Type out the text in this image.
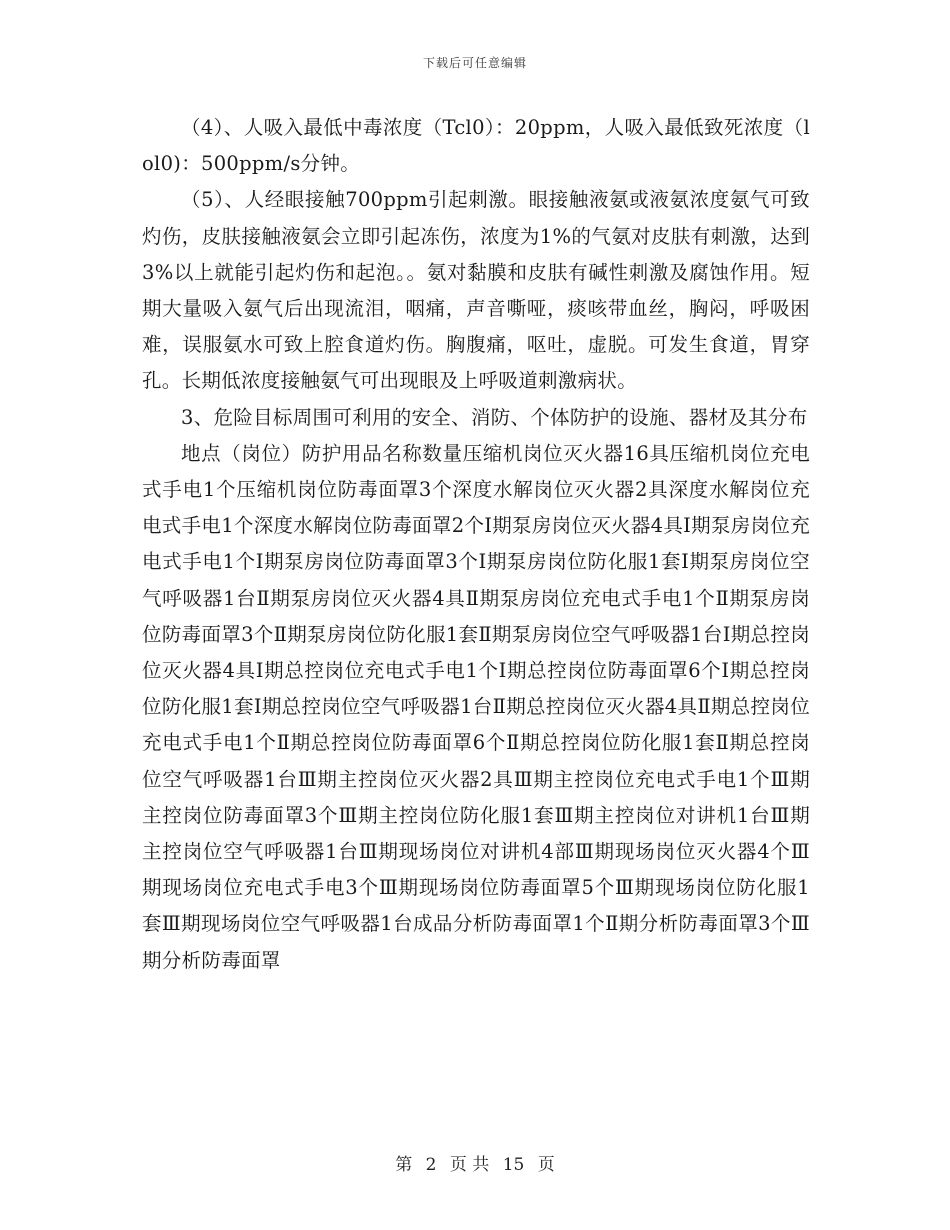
下载后可任意编辑

（4）、人吸入最低中毒浓度（Tcl0）：20ppm，人吸入最低致死浓度（lol0)：500ppm/s分钟。

（5）、人经眼接触700ppm引起刺激。眼接触液氨或液氨浓度氨气可致灼伤，皮肤接触液氨会立即引起冻伤，浓度为1%的气氨对皮肤有刺激，达到3%以上就能引起灼伤和起泡。。氨对黏膜和皮肤有碱性刺激及腐蚀作用。短期大量吸入氨气后出现流泪，咽痛，声音嘶哑，痰咳带血丝，胸闷，呼吸困难，误服氨水可致上腔食道灼伤。胸腹痛，呕吐，虚脱。可发生食道，胃穿孔。长期低浓度接触氨气可出现眼及上呼吸道刺激病状。

3、危险目标周围可利用的安全、消防、个体防护的设施、器材及其分布

地点（岗位）防护用品名称数量压缩机岗位灭火器16具压缩机岗位充电式手电1个压缩机岗位防毒面罩3个深度水解岗位灭火器2具深度水解岗位充电式手电1个深度水解岗位防毒面罩2个Ⅰ期泵房岗位灭火器4具Ⅰ期泵房岗位充电式手电1个Ⅰ期泵房岗位防毒面罩3个Ⅰ期泵房岗位防化服1套Ⅰ期泵房岗位空气呼吸器1台Ⅱ期泵房岗位灭火器4具Ⅱ期泵房岗位充电式手电1个Ⅱ期泵房岗位防毒面罩3个Ⅱ期泵房岗位防化服1套Ⅱ期泵房岗位空气呼吸器1台Ⅰ期总控岗位灭火器4具Ⅰ期总控岗位充电式手电1个Ⅰ期总控岗位防毒面罩6个Ⅰ期总控岗位防化服1套Ⅰ期总控岗位空气呼吸器1台Ⅱ期总控岗位灭火器4具Ⅱ期总控岗位充电式手电1个Ⅱ期总控岗位防毒面罩6个Ⅱ期总控岗位防化服1套Ⅱ期总控岗位空气呼吸器1台Ⅲ期主控岗位灭火器2具Ⅲ期主控岗位充电式手电1个Ⅲ期主控岗位防毒面罩3个Ⅲ期主控岗位防化服1套Ⅲ期主控岗位对讲机1台Ⅲ期主控岗位空气呼吸器1台Ⅲ期现场岗位对讲机4部Ⅲ期现场岗位灭火器4个Ⅲ期现场岗位充电式手电3个Ⅲ期现场岗位防毒面罩5个Ⅲ期现场岗位防化服1套Ⅲ期现场岗位空气呼吸器1台成品分析防毒面罩1个Ⅱ期分析防毒面罩3个Ⅲ期分析防毒面罩

第 2 页 共 15 页
